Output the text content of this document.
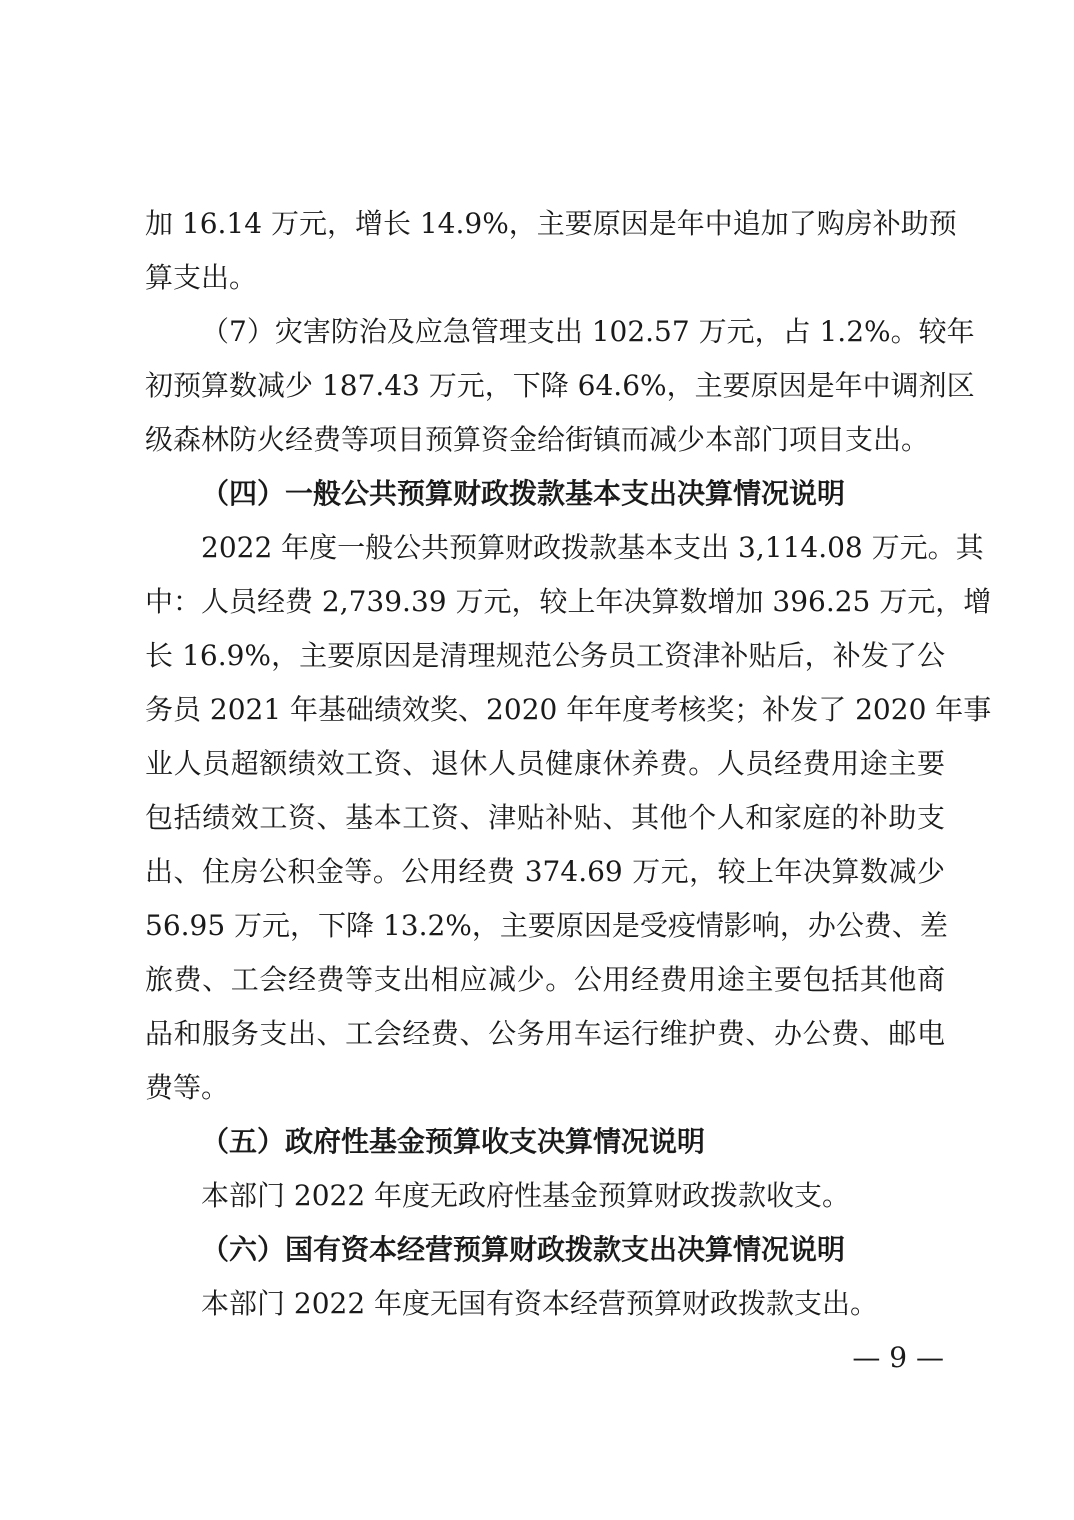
加 16.14 万元，增长 14.9%，主要原因是年中追加了购房补助预
算支出。
（7）灾害防治及应急管理支出 102.57 万元，占 1.2%。较年
初预算数减少 187.43 万元，下降 64.6%，主要原因是年中调剂区
级森林防火经费等项目预算资金给街镇而减少本部门项目支出。
（四）一般公共预算财政拨款基本支出决算情况说明
2022 年度一般公共预算财政拨款基本支出 3,114.08 万元。其
中：人员经费 2,739.39 万元，较上年决算数增加 396.25 万元，增
长 16.9%，主要原因是清理规范公务员工资津补贴后，补发了公
务员 2021 年基础绩效奖、2020 年年度考核奖；补发了 2020 年事
业人员超额绩效工资、退休人员健康休养费。人员经费用途主要
包括绩效工资、基本工资、津贴补贴、其他个人和家庭的补助支
出、住房公积金等。公用经费 374.69 万元，较上年决算数减少
56.95 万元，下降 13.2%，主要原因是受疫情影响，办公费、差
旅费、工会经费等支出相应减少。公用经费用途主要包括其他商
品和服务支出、工会经费、公务用车运行维护费、办公费、邮电
费等。
（五）政府性基金预算收支决算情况说明
本部门 2022 年度无政府性基金预算财政拨款收支。
（六）国有资本经营预算财政拨款支出决算情况说明
本部门 2022 年度无国有资本经营预算财政拨款支出。
— 9 —
